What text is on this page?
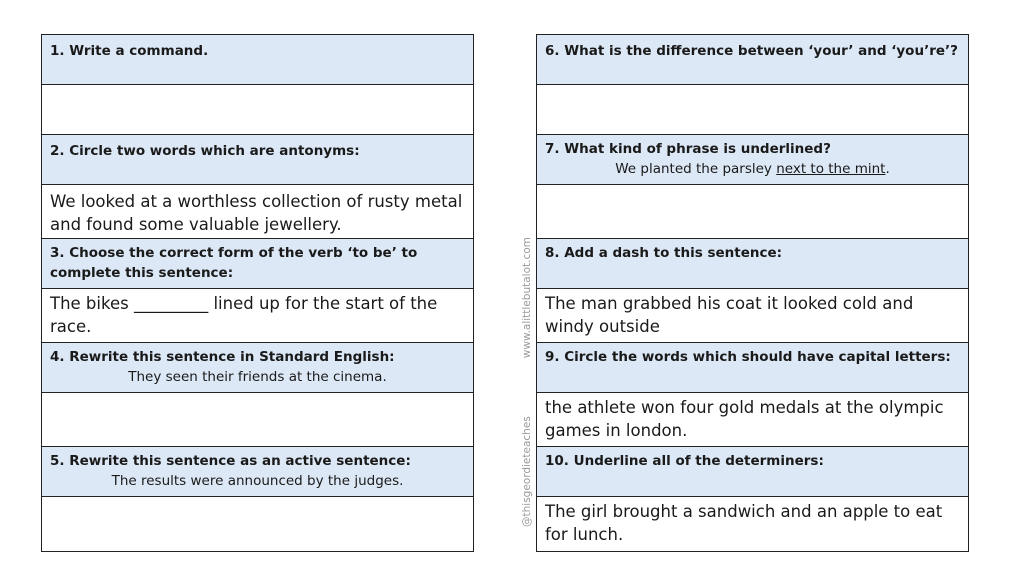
1. Write a command.
2. Circle two words which are antonyms:
We looked at a worthless collection of rusty metal and found some valuable jewellery.
3. Choose the correct form of the verb ‘to be’ to complete this sentence:
The bikes _________ lined up for the start of the race.
4. Rewrite this sentence in Standard English:
They seen their friends at the cinema.
5. Rewrite this sentence as an active sentence:
The results were announced by the judges.
6. What is the difference between ‘your’ and ‘you’re’?
7. What kind of phrase is underlined?
We planted the parsley next to the mint.
8. Add a dash to this sentence:
The man grabbed his coat it looked cold and windy outside
9. Circle the words which should have capital letters:
the athlete won four gold medals at the olympic games in london.
10. Underline all of the determiners:
The girl brought a sandwich and an apple to eat for lunch.
@thisgeordieteacheswww.alittlebutalot.com
